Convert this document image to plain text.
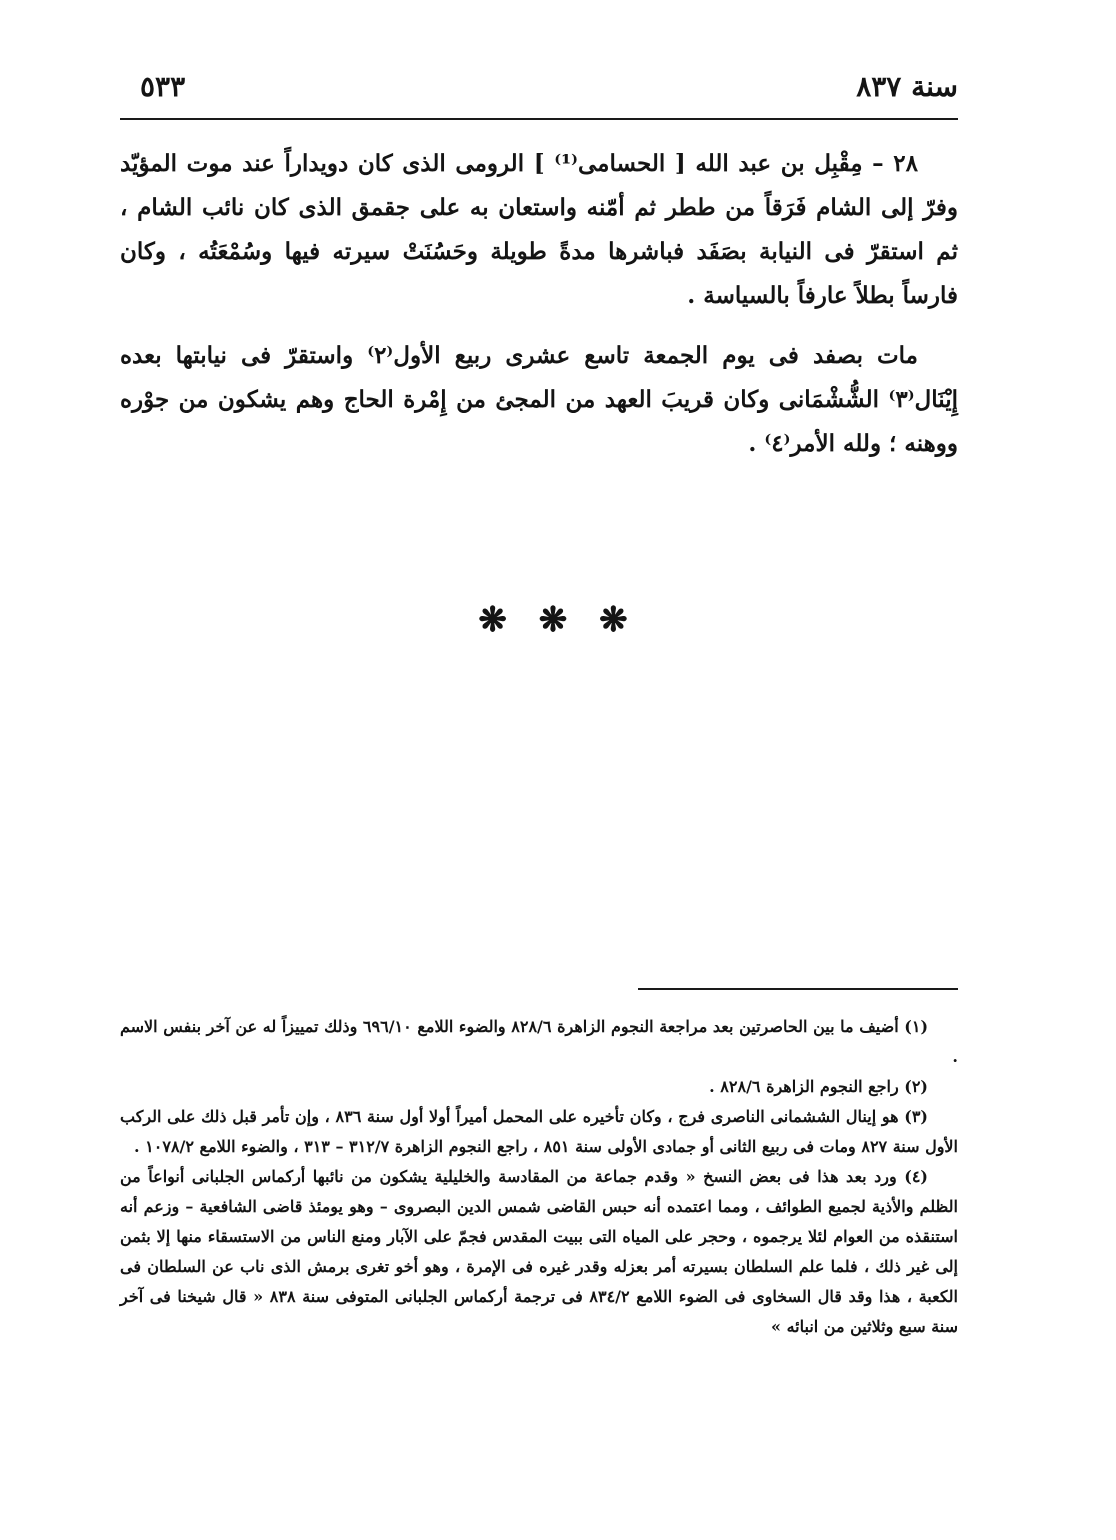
سنة ٨٣٧
٥٣٣

٢٨ – مِقْبِل بن عبد الله [ الحسامى⁽¹⁾ ] الرومى الذى كان دويداراً عند موت المؤيّد وفرّ إلى الشام فَرَقاً من ططر ثم أمّنه واستعان به على جقمق الذى كان نائب الشام ، ثم استقرّ فى النيابة بصَفَد فباشرها مدةً طويلة وحَسُنَتْ سيرته فيها وسُمْعَتُه ، وكان فارساً بطلاً عارفاً بالسياسة .

مات بصفد فى يوم الجمعة تاسع عشرى ربيع الأول⁽٢⁾ واستقرّ فى نيابتها بعده إِيْنَال⁽٣⁾ الشُّشْمَانى وكان قريبَ العهد من المجئ من إِمْرة الحاج وهم يشكون من جوْره ووهنه ؛ ولله الأمر⁽٤⁾ .

❋ ❋ ❋

(١) أضيف ما بين الحاصرتين بعد مراجعة النجوم الزاهرة ٨٢٨/٦ والضوء اللامع ٦٩٦/١٠ وذلك تمييزاً له عن آخر بنفس الاسم .

(٢) راجع النجوم الزاهرة ٨٢٨/٦ .

(٣) هو إينال الششمانى الناصرى فرج ، وكان تأخيره على المحمل أميراً أولا أول سنة ٨٣٦ ، وإن تأمر قبل ذلك على الركب الأول سنة ٨٢٧ ومات فى ربيع الثانى أو جمادى الأولى سنة ٨٥١ ، راجع النجوم الزاهرة ٣١٢/٧ – ٣١٣ ، والضوء اللامع ١٠٧٨/٢ .

(٤) ورد بعد هذا فى بعض النسخ « وقدم جماعة من المقادسة والخليلية يشكون من نائبها أركماس الجلبانى أنواعاً من الظلم والأذية لجميع الطوائف ، ومما اعتمده أنه حبس القاضى شمس الدين البصروى – وهو يومئذ قاضى الشافعية – وزعم أنه استنقذه من العوام لئلا يرجموه ، وحجر على المياه التى ببيت المقدس فجمّ على الآبار ومنع الناس من الاستسقاء منها إلا بثمن إلى غير ذلك ، فلما علم السلطان بسيرته أمر بعزله وقدر غيره فى الإمرة ، وهو أخو تغرى برمش الذى ناب عن السلطان فى الكعبة ، هذا وقد قال السخاوى فى الضوء اللامع ٨٣٤/٢ فى ترجمة أركماس الجلبانى المتوفى سنة ٨٣٨ « قال شيخنا فى آخر سنة سبع وثلاثين من انبائه »
